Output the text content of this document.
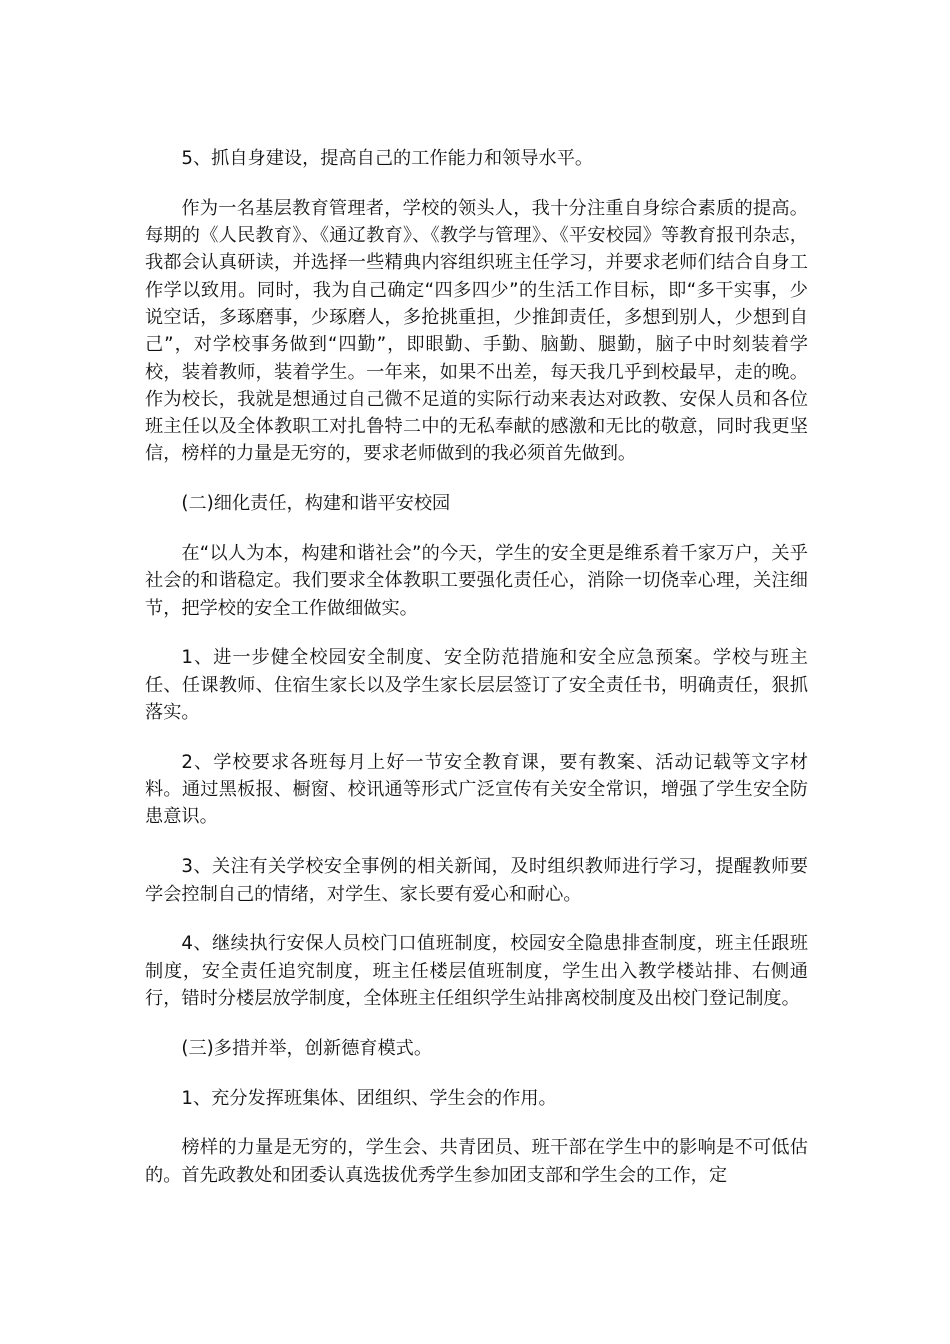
5、抓自身建设，提高自己的工作能力和领导水平。

作为一名基层教育管理者，学校的领头人，我十分注重自身综合素质的提高。每期的《人民教育》、《通辽教育》、《教学与管理》、《平安校园》等教育报刊杂志，我都会认真研读，并选择一些精典内容组织班主任学习，并要求老师们结合自身工作学以致用。同时，我为自己确定“四多四少”的生活工作目标，即“多干实事，少说空话，多琢磨事，少琢磨人，多抢挑重担，少推卸责任，多想到别人，少想到自己”，对学校事务做到“四勤”，即眼勤、手勤、脑勤、腿勤，脑子中时刻装着学校，装着教师，装着学生。一年来，如果不出差，每天我几乎到校最早，走的晚。作为校长，我就是想通过自己微不足道的实际行动来表达对政教、安保人员和各位班主任以及全体教职工对扎鲁特二中的无私奉献的感激和无比的敬意，同时我更坚信，榜样的力量是无穷的，要求老师做到的我必须首先做到。

(二)细化责任，构建和谐平安校园

在“以人为本，构建和谐社会”的今天，学生的安全更是维系着千家万户，关乎社会的和谐稳定。我们要求全体教职工要强化责任心，消除一切侥幸心理，关注细节，把学校的安全工作做细做实。

1、进一步健全校园安全制度、安全防范措施和安全应急预案。学校与班主任、任课教师、住宿生家长以及学生家长层层签订了安全责任书，明确责任，狠抓落实。

2、学校要求各班每月上好一节安全教育课，要有教案、活动记载等文字材料。通过黑板报、橱窗、校讯通等形式广泛宣传有关安全常识，增强了学生安全防患意识。

3、关注有关学校安全事例的相关新闻，及时组织教师进行学习，提醒教师要学会控制自己的情绪，对学生、家长要有爱心和耐心。

4、继续执行安保人员校门口值班制度，校园安全隐患排查制度，班主任跟班制度，安全责任追究制度，班主任楼层值班制度，学生出入教学楼站排、右侧通行，错时分楼层放学制度，全体班主任组织学生站排离校制度及出校门登记制度。

(三)多措并举，创新德育模式。

1、充分发挥班集体、团组织、学生会的作用。

榜样的力量是无穷的，学生会、共青团员、班干部在学生中的影响是不可低估的。首先政教处和团委认真选拔优秀学生参加团支部和学生会的工作，定
